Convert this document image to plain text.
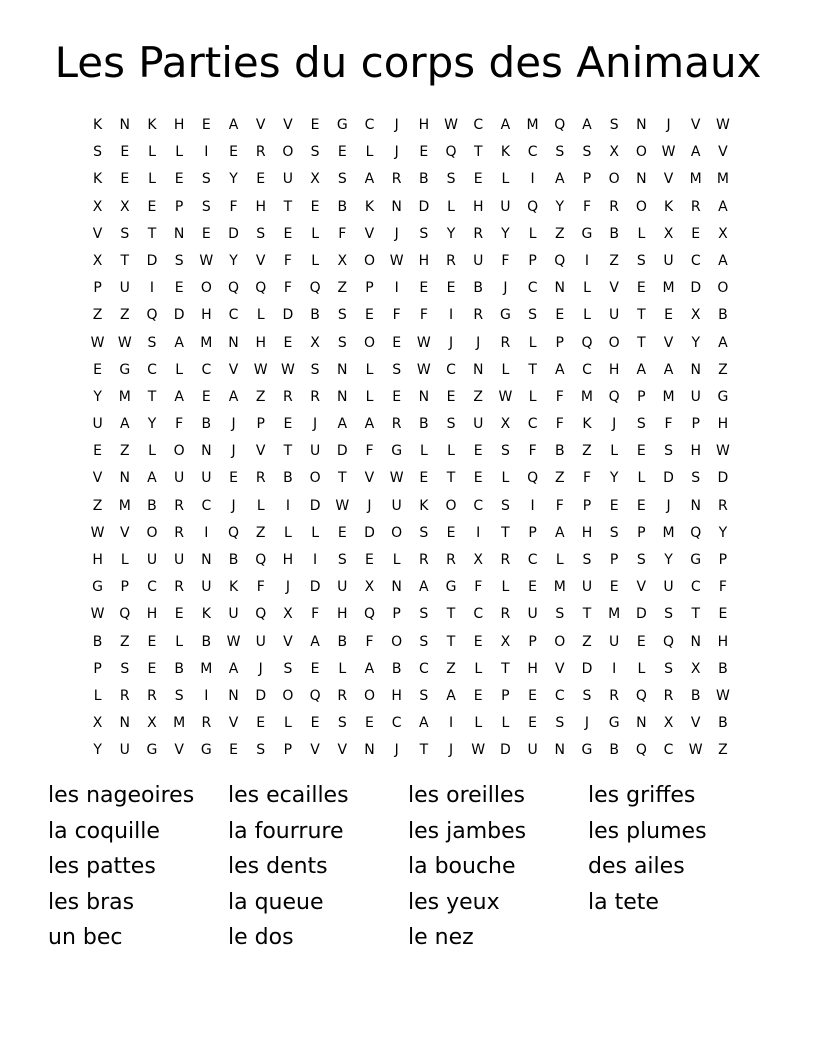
Les Parties du corps des Animaux
K	N	K	H	E	A	V	V	E	G	C	J	H	W	C	A	M	Q	A	S	N	J	V	W
S	E	L	L	I	E	R	O	S	E	L	J	E	Q	T	K	C	S	S	X	O	W	A	V
K	E	L	E	S	Y	E	U	X	S	A	R	B	S	E	L	I	A	P	O	N	V	M	M
X	X	E	P	S	F	H	T	E	B	K	N	D	L	H	U	Q	Y	F	R	O	K	R	A
V	S	T	N	E	D	S	E	L	F	V	J	S	Y	R	Y	L	Z	G	B	L	X	E	X
X	T	D	S	W	Y	V	F	L	X	O	W	H	R	U	F	P	Q	I	Z	S	U	C	A
P	U	I	E	O	Q	Q	F	Q	Z	P	I	E	E	B	J	C	N	L	V	E	M	D	O
Z	Z	Q	D	H	C	L	D	B	S	E	F	F	I	R	G	S	E	L	U	T	E	X	B
W W	S	A	M	N	H	E	X	S	O	E	W	J	J	R	L	P	Q	O	T	V	Y	A
E	G	C	L	C	V	W W	S	N	L	S	W	C	N	L	T	A	C	H	A	A	N	Z
Y	M	T	A	E	A	Z	R	R	N	L	E	N	E	Z	W	L	F	M	Q	P	M	U	G
U	A	Y	F	B	J	P	E	J	A	A	R	B	S	U	X	C	F	K	J	S	F	P	H
E	Z	L	O	N	J	V	T	U	D	F	G	L	L	E	S	F	B	Z	L	E	S	H	W
V	N	A	U	U	E	R	B	O	T	V	W	E	T	E	L	Q	Z	F	Y	L	D	S	D
Z	M	B	R	C	J	L	I	D	W	J	U	K	O	C	S	I	F	P	E	E	J	N	R
W	V	O	R	I	Q	Z	L	L	E	D	O	S	E	I	T	P	A	H	S	P	M	Q	Y
H	L	U	U	N	B	Q	H	I	S	E	L	R	R	X	R	C	L	S	P	S	Y	G	P
G	P	C	R	U	K	F	J	D	U	X	N	A	G	F	L	E	M	U	E	V	U	C	F
W	Q	H	E	K	U	Q	X	F	H	Q	P	S	T	C	R	U	S	T	M	D	S	T	E
B	Z	E	L	B	W	U	V	A	B	F	O	S	T	E	X	P	O	Z	U	E	Q	N	H
P	S	E	B	M	A	J	S	E	L	A	B	C	Z	L	T	H	V	D	I	L	S	X	B
L	R	R	S	I	N	D	O	Q	R	O	H	S	A	E	P	E	C	S	R	Q	R	B	W
X	N	X	M	R	V	E	L	E	S	E	C	A	I	L	L	E	S	J	G	N	X	V	B
Y	U	G	V	G	E	S	P	V	V	N	J	T	J	W	D	U	N	G	B	Q	C	W	Z
les nageoires	les ecailles	les oreilles	les griffes
la coquille	la fourrure	les jambes	les plumes
les pattes	les dents	la bouche	des ailes
les bras	la queue	les yeux	la tete
un bec	le dos	le nez
